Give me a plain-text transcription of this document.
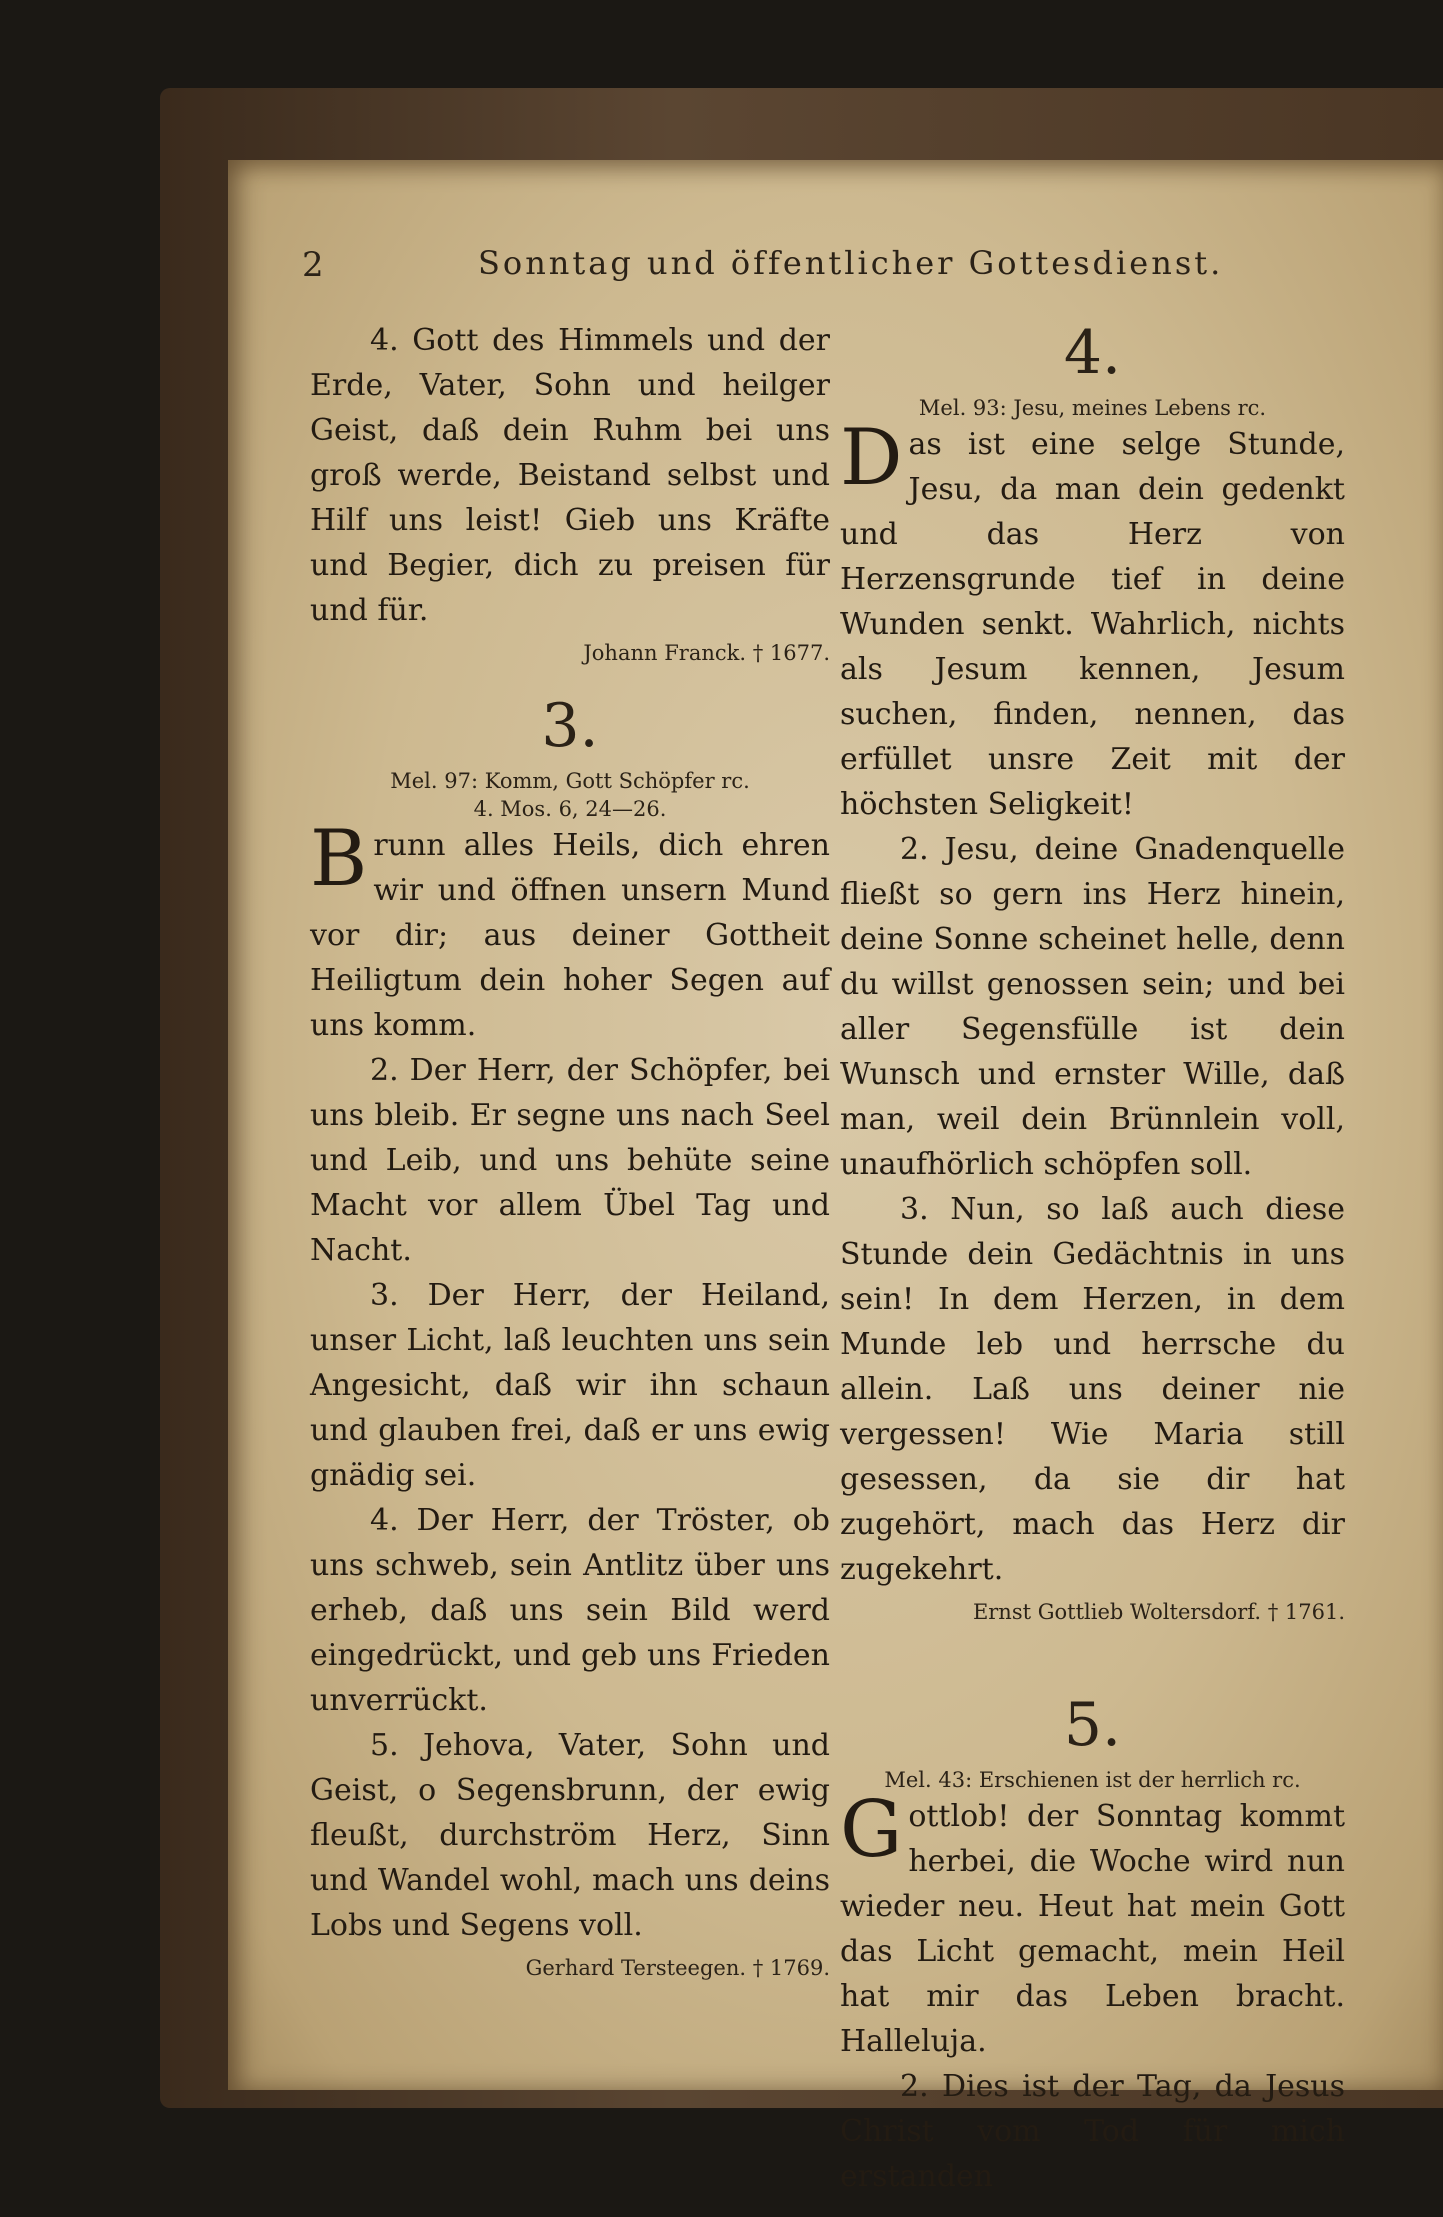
2	Sonntag und öffentlicher Gottesdienst.
4. Gott des Himmels und der Erde, Vater, Sohn und heilger Geist, daß dein Ruhm bei uns groß werde, Beistand selbst und Hilf uns leist! Gieb uns Kräfte und Begier, dich zu preisen für und für.
Johann Franck. † 1677.
3.
Mel. 97: Komm, Gott Schöpfer rc.
4. Mos. 6, 24—26.
Brunn alles Heils, dich ehren wir und öffnen unsern Mund vor dir; aus deiner Gottheit Heiligtum dein hoher Segen auf uns komm.
2. Der Herr, der Schöpfer, bei uns bleib. Er segne uns nach Seel und Leib, und uns behüte seine Macht vor allem Übel Tag und Nacht.
3. Der Herr, der Heiland, unser Licht, laß leuchten uns sein Angesicht, daß wir ihn schaun und glauben frei, daß er uns ewig gnädig sei.
4. Der Herr, der Tröster, ob uns schweb, sein Antlitz über uns erheb, daß uns sein Bild werd eingedrückt, und geb uns Frieden unverrückt.
5. Jehova, Vater, Sohn und Geist, o Segensbrunn, der ewig fleußt, durchström Herz, Sinn und Wandel wohl, mach uns deins Lobs und Segens voll.
Gerhard Tersteegen. † 1769.
4.
Mel. 93: Jesu, meines Lebens rc.
Das ist eine selge Stunde, Jesu, da man dein gedenkt und das Herz von Herzensgrunde tief in deine Wunden senkt. Wahrlich, nichts als Jesum kennen, Jesum suchen, finden, nennen, das erfüllet unsre Zeit mit der höchsten Seligkeit!
2. Jesu, deine Gnadenquelle fließt so gern ins Herz hinein, deine Sonne scheinet helle, denn du willst genossen sein; und bei aller Segensfülle ist dein Wunsch und ernster Wille, daß man, weil dein Brünnlein voll, unaufhörlich schöpfen soll.
3. Nun, so laß auch diese Stunde dein Gedächtnis in uns sein! In dem Herzen, in dem Munde leb und herrsche du allein. Laß uns deiner nie vergessen! Wie Maria still gesessen, da sie dir hat zugehört, mach das Herz dir zugekehrt.
Ernst Gottlieb Woltersdorf. † 1761.
5.
Mel. 43: Erschienen ist der herrlich rc.
Gottlob! der Sonntag kommt herbei, die Woche wird nun wieder neu. Heut hat mein Gott das Licht gemacht, mein Heil hat mir das Leben bracht. Halleluja.
2. Dies ist der Tag, da Jesus Christ vom Tod für mich erstanden
